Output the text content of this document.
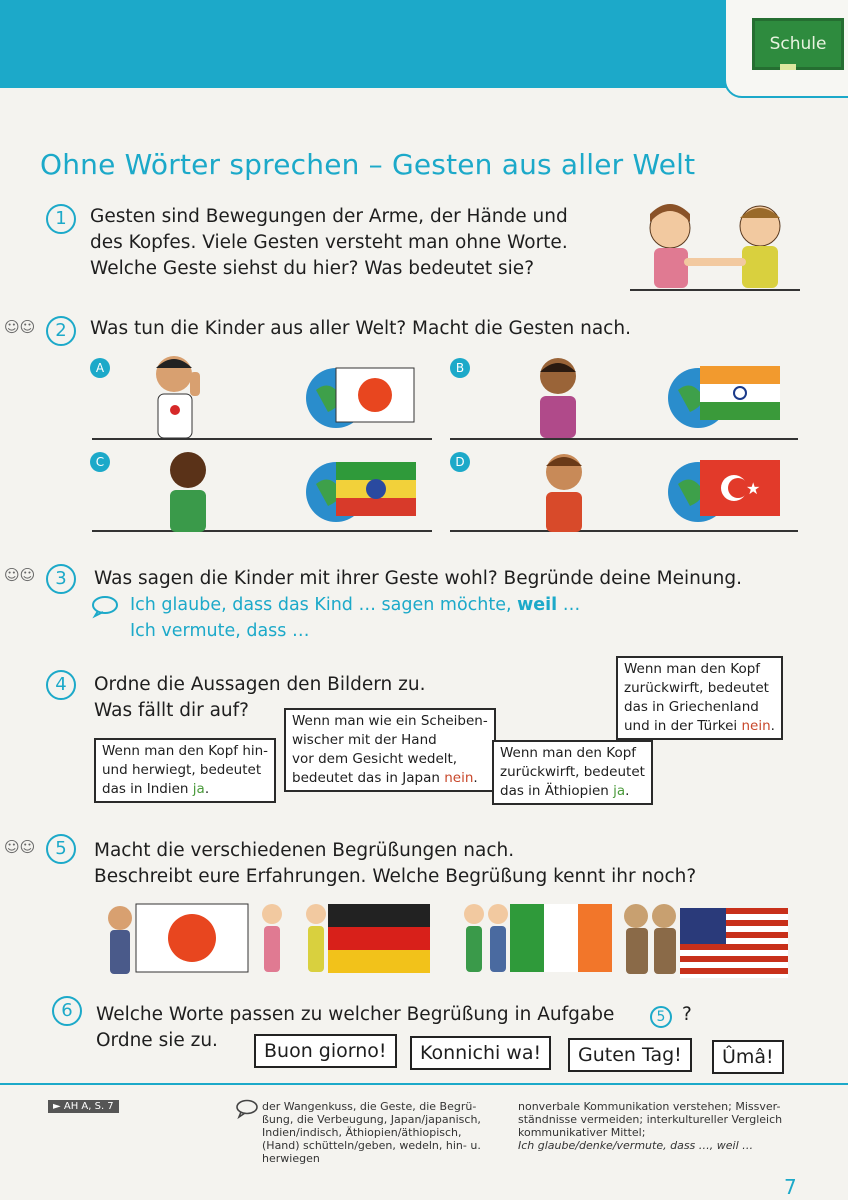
Schule
Ohne Wörter sprechen – Gesten aus aller Welt
1	Gesten sind Bewegungen der Arme, der Hände und
des Kopfes. Viele Gesten versteht man ohne Worte.
Welche Geste siehst du hier? Was bedeutet sie?
☺☺	2	Was tun die Kinder aus aller Welt? Macht die Gesten nach.
A	B
C	D
★
☺☺	3	Was sagen die Kinder mit ihrer Geste wohl? Begründe deine Meinung.
Ich glaube, dass das Kind … sagen möchte, weil …
Ich vermute, dass …
4	Ordne die Aussagen den Bildern zu.
Was fällt dir auf?
Wenn man den Kopf hin-
und herwiegt, bedeutet
das in Indien ja.
Wenn man wie ein Scheiben-
wischer mit der Hand
vor dem Gesicht wedelt,
bedeutet das in Japan nein.
Wenn man den Kopf
zurückwirft, bedeutet
das in Äthiopien ja.
Wenn man den Kopf
zurückwirft, bedeutet
das in Griechenland
und in der Türkei nein.
☺☺	5	Macht die verschiedenen Begrüßungen nach.
Beschreibt eure Erfahrungen. Welche Begrüßung kennt ihr noch?
6	Welche Worte passen zu welcher Begrüßung in Aufgabe	5 ?
Ordne sie zu.	Buon giorno!	Konnichi wa!	Guten Tag!	Ûmâ!
► AH A, S. 7	der Wangenkuss, die Geste, die Begrü-
ßung, die Verbeugung, Japan/japanisch,
Indien/indisch, Äthiopien/äthiopisch,
(Hand) schütteln/geben, wedeln, hin- u.
herwiegen
nonverbale Kommunikation verstehen; Missver-
ständnisse vermeiden; interkultureller Vergleich
kommunikativer Mittel;
Ich glaube/denke/vermute, dass …, weil …
7
